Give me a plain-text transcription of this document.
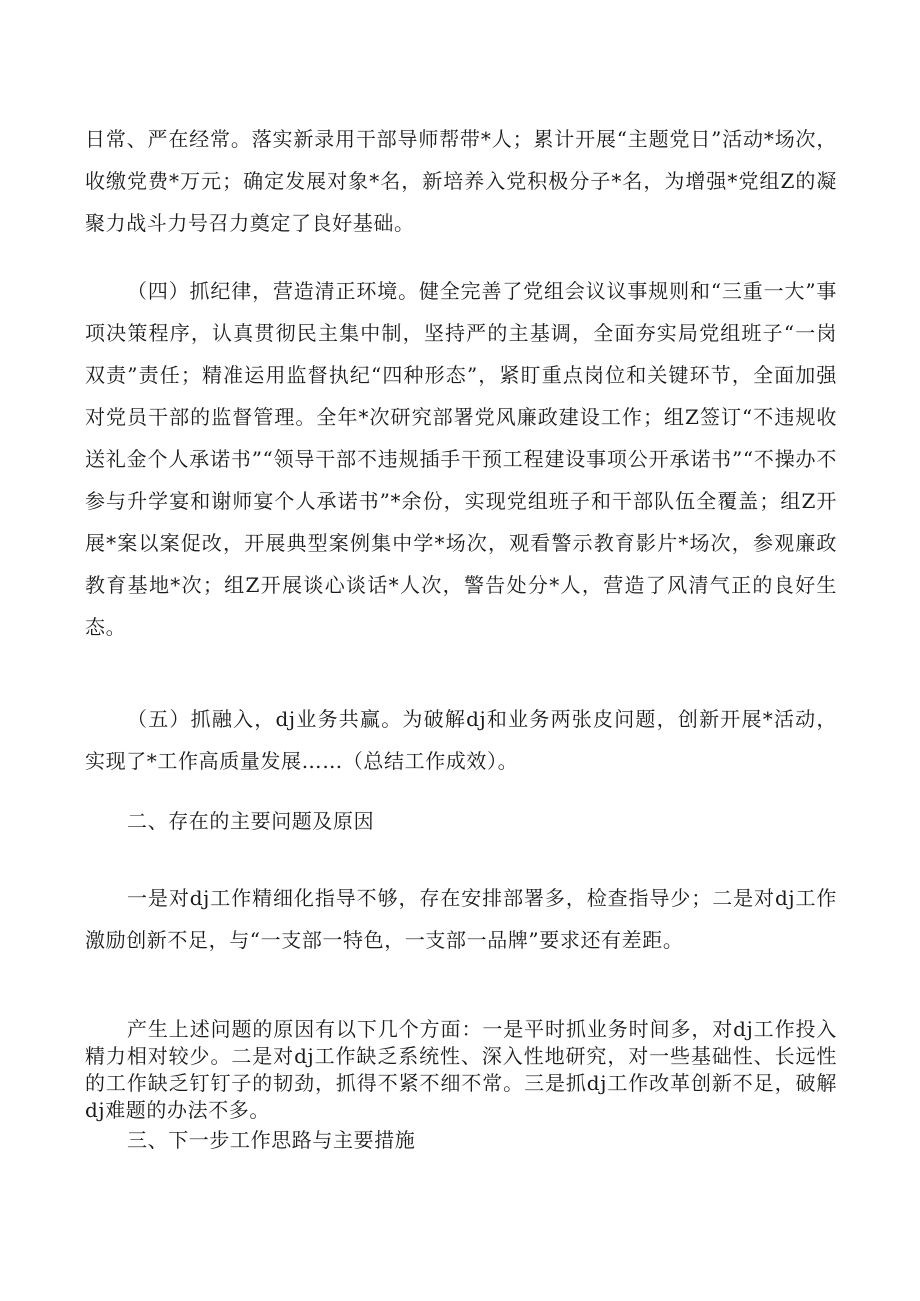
日常、严在经常。落实新录用干部导师帮带*人；累计开展“主题党日”活动*场次，收缴党费*万元；确定发展对象*名，新培养入党积极分子*名，为增强*党组Z的凝聚力战斗力号召力奠定了良好基础。

（四）抓纪律，营造清正环境。健全完善了党组会议议事规则和“三重一大”事项决策程序，认真贯彻民主集中制，坚持严的主基调，全面夯实局党组班子“一岗双责”责任；精准运用监督执纪“四种形态”，紧盯重点岗位和关键环节，全面加强对党员干部的监督管理。全年*次研究部署党风廉政建设工作；组Z签订“不违规收送礼金个人承诺书”“领导干部不违规插手干预工程建设事项公开承诺书”“不操办不参与升学宴和谢师宴个人承诺书”*余份，实现党组班子和干部队伍全覆盖；组Z开展*案以案促改，开展典型案例集中学*场次，观看警示教育影片*场次，参观廉政教育基地*次；组Z开展谈心谈话*人次，警告处分*人，营造了风清气正的良好生态。

（五）抓融入，dj业务共赢。为破解dj和业务两张皮问题，创新开展*活动，实现了*工作高质量发展……（总结工作成效）。

二、存在的主要问题及原因

一是对dj工作精细化指导不够，存在安排部署多，检查指导少；二是对dj工作激励创新不足，与“一支部一特色，一支部一品牌”要求还有差距。

产生上述问题的原因有以下几个方面：一是平时抓业务时间多，对dj工作投入精力相对较少。二是对dj工作缺乏系统性、深入性地研究，对一些基础性、长远性的工作缺乏钉钉子的韧劲，抓得不紧不细不常。三是抓dj工作改革创新不足，破解dj难题的办法不多。

三、下一步工作思路与主要措施
